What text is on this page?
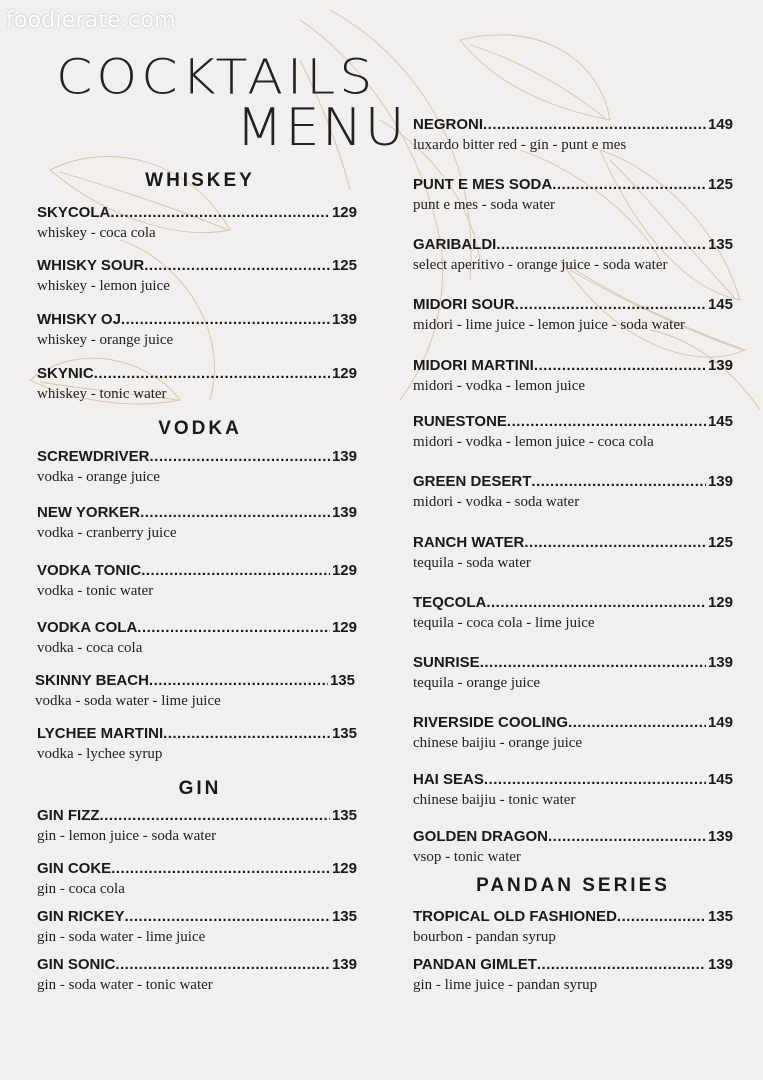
foodierate.com
COCKTAILS
MENU
WHISKEY
SKYCOLA .....	129
whiskey - coca cola
WHISKY SOUR .....	125
whiskey - lemon juice
WHISKY OJ .....	139
whiskey - orange juice
SKYNIC .....	129
whiskey - tonic water
VODKA
SCREWDRIVER .....	139
vodka - orange juice
NEW YORKER .....	139
vodka - cranberry juice
VODKA TONIC .....	129
vodka - tonic water
VODKA COLA .....	129
vodka - coca cola
SKINNY BEACH .....	135
vodka - soda water - lime juice
LYCHEE MARTINI .....	135
vodka - lychee syrup
GIN
GIN FIZZ .....	135
gin - lemon juice - soda water
GIN COKE .....	129
gin - coca cola
GIN RICKEY .....	135
gin - soda water - lime juice
GIN SONIC .....	139
gin - soda water - tonic water
NEGRONI .....	149
luxardo bitter red - gin - punt e mes
PUNT E MES SODA .....	125
punt e mes - soda water
GARIBALDI .....	135
select aperitivo - orange juice - soda water
MIDORI SOUR .....	145
midori - lime juice - lemon juice - soda water
MIDORI MARTINI .....	139
midori - vodka - lemon juice
RUNESTONE .....	145
midori - vodka - lemon juice - coca cola
GREEN DESERT .....	139
midori - vodka - soda water
RANCH WATER .....	125
tequila - soda water
TEQCOLA .....	129
tequila - coca cola - lime juice
SUNRISE .....	139
tequila - orange juice
RIVERSIDE COOLING .....	149
chinese baijiu - orange juice
HAI SEAS .....	145
chinese baijiu - tonic water
GOLDEN DRAGON .....	139
vsop - tonic water
PANDAN SERIES
TROPICAL OLD FASHIONED .....	135
bourbon - pandan syrup
PANDAN GIMLET .....	139
gin - lime juice - pandan syrup
